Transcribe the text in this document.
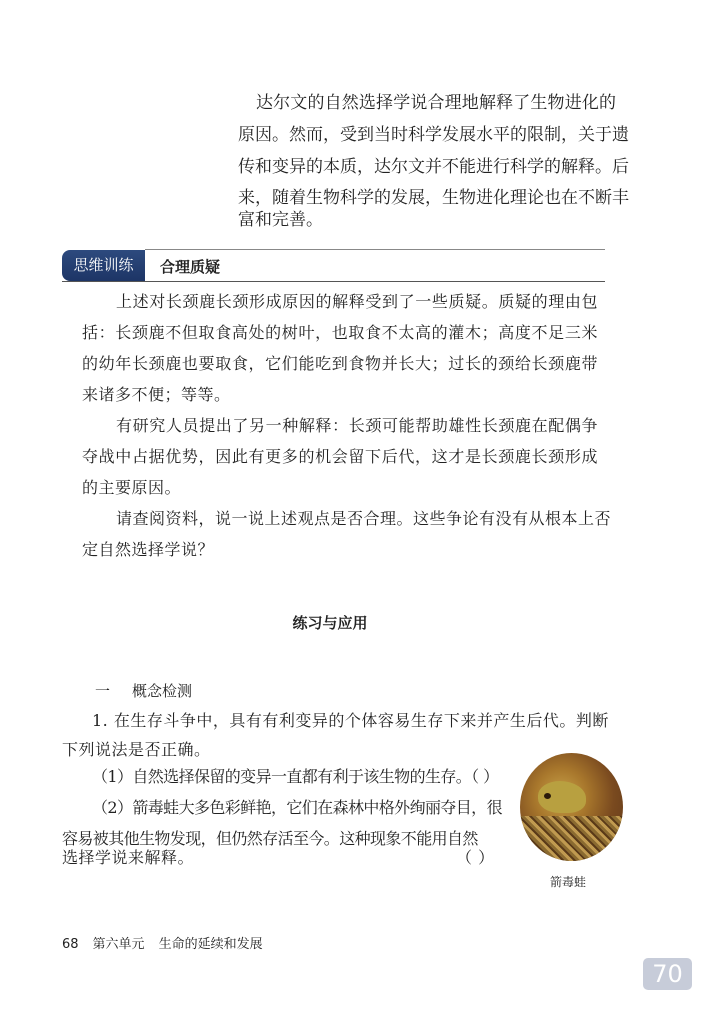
达尔文的自然选择学说合理地解释了生物进化的
原因。然而，受到当时科学发展水平的限制，关于遗
传和变异的本质，达尔文并不能进行科学的解释。后
来，随着生物科学的发展，生物进化理论也在不断丰
富和完善。
思维训练	合理质疑
上述对长颈鹿长颈形成原因的解释受到了一些质疑。质疑的理由包
括：长颈鹿不但取食高处的树叶，也取食不太高的灌木；高度不足三米
的幼年长颈鹿也要取食，它们能吃到食物并长大；过长的颈给长颈鹿带
来诸多不便；等等。
有研究人员提出了另一种解释：长颈可能帮助雄性长颈鹿在配偶争
夺战中占据优势，因此有更多的机会留下后代，这才是长颈鹿长颈形成
的主要原因。
请查阅资料，说一说上述观点是否合理。这些争论有没有从根本上否
定自然选择学说？
练习与应用
一 概念检测
1. 在生存斗争中，具有有利变异的个体容易生存下来并产生后代。判断
下列说法是否正确。
（1）自然选择保留的变异一直都有利于该生物的生存。（ ）
（2）箭毒蛙大多色彩鲜艳，它们在森林中格外绚丽夺目，很
容易被其他生物发现，但仍然存活至今。这种现象不能用自然
选择学说来解释。	（ ）
箭毒蛙
68 第六单元 生命的延续和发展
70
